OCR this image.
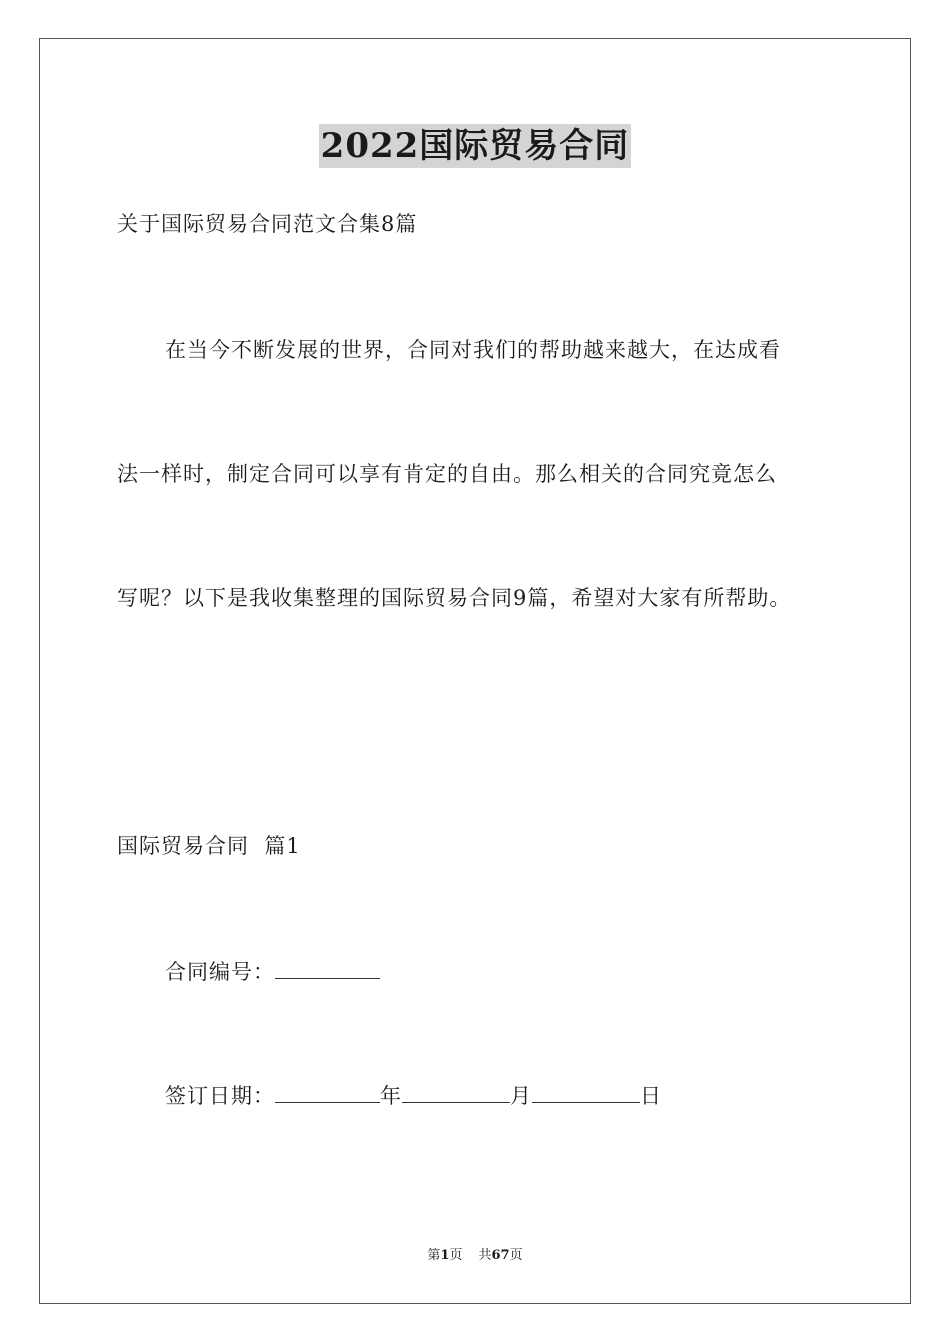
2022国际贸易合同
关于国际贸易合同范文合集8篇
在当今不断发展的世界，合同对我们的帮助越来越大，在达成看
法一样时，制定合同可以享有肯定的自由。那么相关的合同究竟怎么
写呢？以下是我收集整理的国际贸易合同9篇，希望对大家有所帮助。
国际贸易合同  篇1
合同编号：
签订日期：	年	月	日
第1页 共67页
